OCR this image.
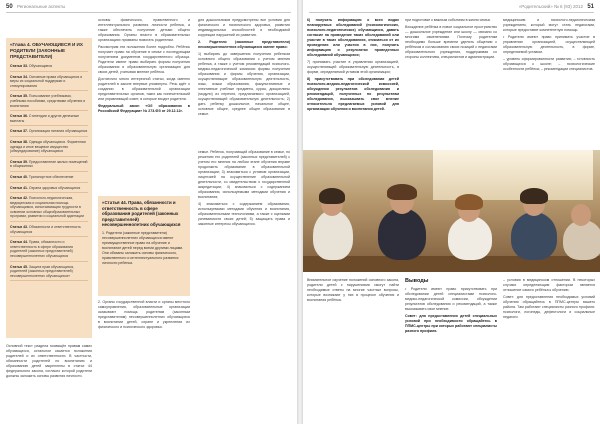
50 Региональные аспекты
«Глава 4. ОБУЧАЮЩИЕСЯ И ИХ РОДИТЕЛИ (ЗАКОННЫЕ ПРЕДСТАВИТЕЛИ)
Статья 33. Обучающиеся
Статья 34. Основные права обучающихся и меры их социальной поддержки и стимулирования
Статья 35. Пользование учебниками, учебными пособиями, средствами обучения и воспитания
Статья 36. Стипендии и другие денежные выплаты
Статья 37. Организация питания обучающихся
Статья 38. Одежда обучающихся. Форменная одежда и иное вещевое имущество (обмундирование) обучающихся
Статья 39. Предоставление жилых помещений в общежитиях
Статья 40. Транспортное обеспечение
Статья 41. Охрана здоровья обучающихся
Статья 42. Психолого-педагогическая, медицинская и социальная помощь обучающимся, испытывающим трудности в освоении основных общеобразовательных программ, развитии и социальной адаптации
Статья 43. Обязанности и ответственность обучающихся
Статья 44. Права, обязанности и ответственность в сфере образования родителей (законных представителей) несовершеннолетних обучающихся
Статья 45. Защита прав обучающихся, родителей (законных представителей) несовершеннолетних обучающихся»

основы физического, нравственного и интеллектуального развития личности ребенка, а также обеспечить получение детьми общего образования. Органы власти в образовательных организациях призваны помогать родителям.

Рассмотрим эти положения более подробно. Ребёнок получает право на обучение в семье с последующим получением документов государственного образца. Родители имеют право выбирать формы получения образования и образовательную организацию для своих детей, учитывая мнение ребёнка.

Достаточно много интересной статьи, когда именно родителей в законе впервые упомянуты. Речь идёт о создании в образовательной организации представительных органов, таких как попечительский или управляющий совет, в которые входят родители.

Федеральный закон «Об образовании в Российской Федерации» № 273-ФЗ от 29.12.12г.

для дошкольников предусмотрены все условия для физического и психического здоровья, развития индивидуальных способностей и необходимой коррекции нарушений их развития.

2. Родители (законные представители) несовершеннолетних обучающихся имеют право:

1) выбирать до завершения получения ребенком основного общего образования с учетом мнения ребенка, а также с учетом рекомендаций психолого-медико-педагогической комиссии формы получения образования и формы обучения, организации, осуществляющие образовательную деятельность, язык, языки образования, факультативные и элективные учебные предметы, курсы, дисциплины (модули) из перечня, предлагаемого организацией, осуществляющей образовательную деятельность; 2) дать ребенку дошкольное, начальное общее, основное общее, среднее общее образование в семье.

«Статья 44. Права, обязанности и ответственность в сфере образования родителей (законных представителей) несовершеннолетних обучающихся
1. Родители (законные представители) несовершеннолетних обучающихся имеют преимущественное право на обучение и воспитание детей перед всеми другими лицами. Они обязаны заложить основы физического, нравственного и интеллектуального развития личности ребенка.

Основной текст раздела посвящён правам самих обучающихся, остальное касается положения родителей и их ответственности. В частности, обязанности родителей по воспитанию и образованию детей закреплены в статье 44 федерального закона, согласно которой родители должны заложить основы развития личности.

2. Органы государственной власти и органы местного самоуправления, образовательные организации оказывают помощь родителям (законным представителям) несовершеннолетних обучающихся в воспитании детей, охране и укреплении их физического и психического здоровья.

семье. Ребенок, получающий образование в семье, по решению его родителей (законных представителей) с учетом его мнения на любом этапе обучения вправе продолжить образование в образовательной организации; 3) знакомиться с уставом организации, лицензией на осуществление образовательной деятельности, со свидетельством о государственной аккредитации; 4) знакомиться с содержанием образования, используемыми методами обучения и воспитания;

4) знакомиться с содержанием образования, используемыми методами обучения и воспитания, образовательными технологиями, а также с оценками успеваемости своих детей; 5) защищать права и законные интересы обучающихся.

«Родительский» № 6 (93) 2012 51

6) получать информацию о всех видах планируемых обследований (психологических, психолого-педагогических) обучающихся, давать согласие на проведение таких обследований или участие в таких обследованиях, отказаться от их проведения или участия в них, получать информацию о результатах проведенных обследований обучающихся;

7) принимать участие в управлении организацией, осуществляющей образовательную деятельность, в форме, определяемой уставом этой организации;

8) присутствовать при обследовании детей психолого-медико-педагогической комиссией, обсуждении результатов обследования и рекомендаций, полученных по результатам обследования, высказывать свое мнение относительно предлагаемых условий для организации обучения и воспитания детей.

при подготовке к важным событиям в жизни семьи.

Вхождение ребёнка в новое социальное пространство — дошкольное учреждение или школу — связано со многими изменениями. Поэтому родителям необходимо больше времени уделять общению с ребёнком и согласованию своих позиций с педагогами образовательного учреждения, поддерживая со стороны коллектива, специалистов и администрации.

медицинским и психолого-педагогическим учреждением, который могут стать педагогами, которые предоставят компетентную помощь.

• Родители имеют право принимать участие в управлении организацией, осуществляющей образовательную деятельность, в форме, определяемой уставом.

– уровень сформированности развития; – готовность обучающихся к школе; – психологические особенности ребёнка; – рекомендации специалистов.

Внимательное изучение положений основного закона, родители детей с нарушениями смогут найти необходимые ответы на многие частные вопросы, которые возникают у них в процессе обучения и воспитания ребёнка.

Выводы

• Родители имеют право присутствовать при обследовании детей специалистами психолого-медико-педагогической комиссии, обсуждении результатов обследования и рекомендаций, а также высказывать свое мнение.

Совет: для предоставления детей специальных условий при необходимости обращайтесь в ППМС-центры при которых работают специалисты разного профиля.

– условия в медицинском отношении. В некоторых случаях определяющим фактором является отношение самого ребёнка к обучению.

Совет: для предоставления необходимых условий обучения обращайтесь в ППМС-центры вашего района. Там работают специалисты разного профиля: психологи, логопеды, дефектологи и социальные педагоги.
